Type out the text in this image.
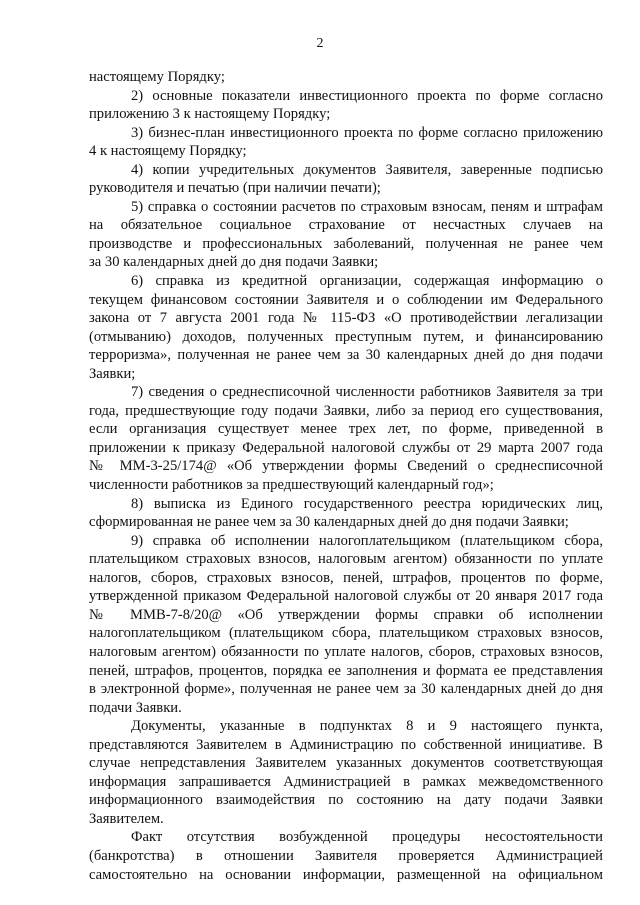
2
настоящему Порядку;
2) основные показатели инвестиционного проекта по форме согласно
приложению 3 к настоящему Порядку;
3) бизнес-план инвестиционного проекта по форме согласно приложению
4 к настоящему Порядку;
4) копии учредительных документов Заявителя, заверенные подписью
руководителя и печатью (при наличии печати);
5) справка о состоянии расчетов по страховым взносам, пеням и штрафам
на обязательное социальное страхование от несчастных случаев на
производстве и профессиональных заболеваний, полученная не ранее чем
за 30 календарных дней до дня подачи Заявки;
6) справка из кредитной организации, содержащая информацию о
текущем финансовом состоянии Заявителя и о соблюдении им Федерального
закона от 7 августа 2001 года № 115-ФЗ «О противодействии легализации
(отмыванию) доходов, полученных преступным путем, и финансированию
терроризма», полученная не ранее чем за 30 календарных дней до дня подачи
Заявки;
7) сведения о среднесписочной численности работников Заявителя за три
года, предшествующие году подачи Заявки, либо за период его существования,
если организация существует менее трех лет, по форме, приведенной в
приложении к приказу Федеральной налоговой службы от 29 марта 2007 года
№ ММ-3-25/174@ «Об утверждении формы Сведений о среднесписочной
численности работников за предшествующий календарный год»;
8) выписка из Единого государственного реестра юридических лиц,
сформированная не ранее чем за 30 календарных дней до дня подачи Заявки;
9) справка об исполнении налогоплательщиком (плательщиком сбора,
плательщиком страховых взносов, налоговым агентом) обязанности по уплате
налогов, сборов, страховых взносов, пеней, штрафов, процентов по форме,
утвержденной приказом Федеральной налоговой службы от 20 января 2017 года
№ ММВ-7-8/20@ «Об утверждении формы справки об исполнении
налогоплательщиком (плательщиком сбора, плательщиком страховых взносов,
налоговым агентом) обязанности по уплате налогов, сборов, страховых взносов,
пеней, штрафов, процентов, порядка ее заполнения и формата ее представления
в электронной форме», полученная не ранее чем за 30 календарных дней до дня
подачи Заявки.
Документы, указанные в подпунктах 8 и 9 настоящего пункта,
представляются Заявителем в Администрацию по собственной инициативе. В
случае непредставления Заявителем указанных документов соответствующая
информация запрашивается Администрацией в рамках межведомственного
информационного взаимодействия по состоянию на дату подачи Заявки
Заявителем.
Факт отсутствия возбужденной процедуры несостоятельности
(банкротства) в отношении Заявителя проверяется Администрацией
самостоятельно на основании информации, размещенной на официальном
